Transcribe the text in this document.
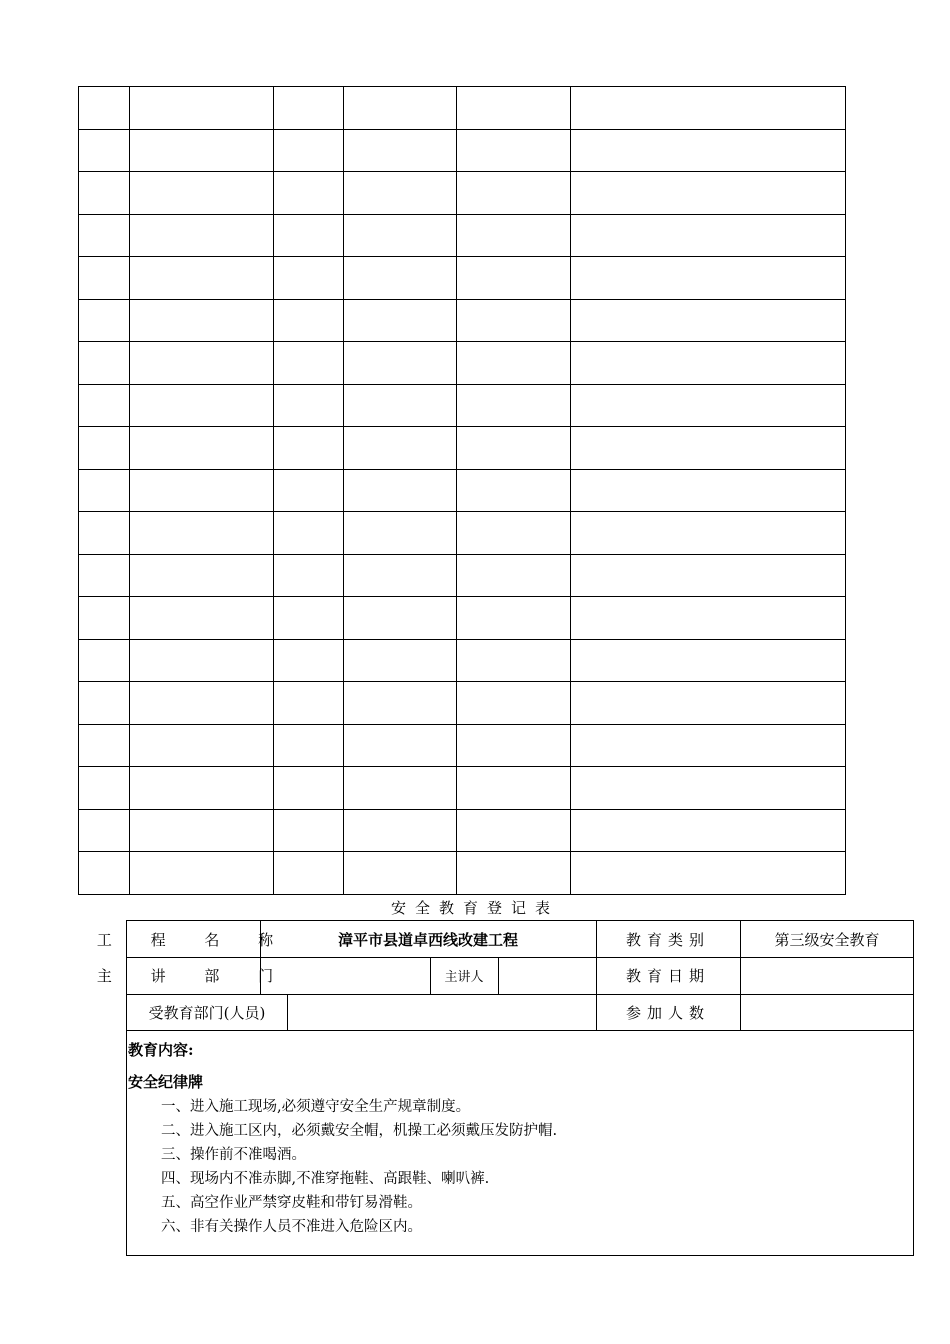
安全教育登记表
工 程 名 称	漳平市县道卓西线改建工程	教育类别	第三级安全教育
主 讲 部 门	主讲人	教育日期
受教育部门(人员)	参加人数
教育内容:
安全纪律牌
一、进入施工现场,必须遵守安全生产规章制度。
二、进入施工区内，必须戴安全帽，机操工必须戴压发防护帽.
三、操作前不准喝酒。
四、现场内不准赤脚,不准穿拖鞋、高跟鞋、喇叭裤.
五、高空作业严禁穿皮鞋和带钉易滑鞋。
六、非有关操作人员不准进入危险区内。
